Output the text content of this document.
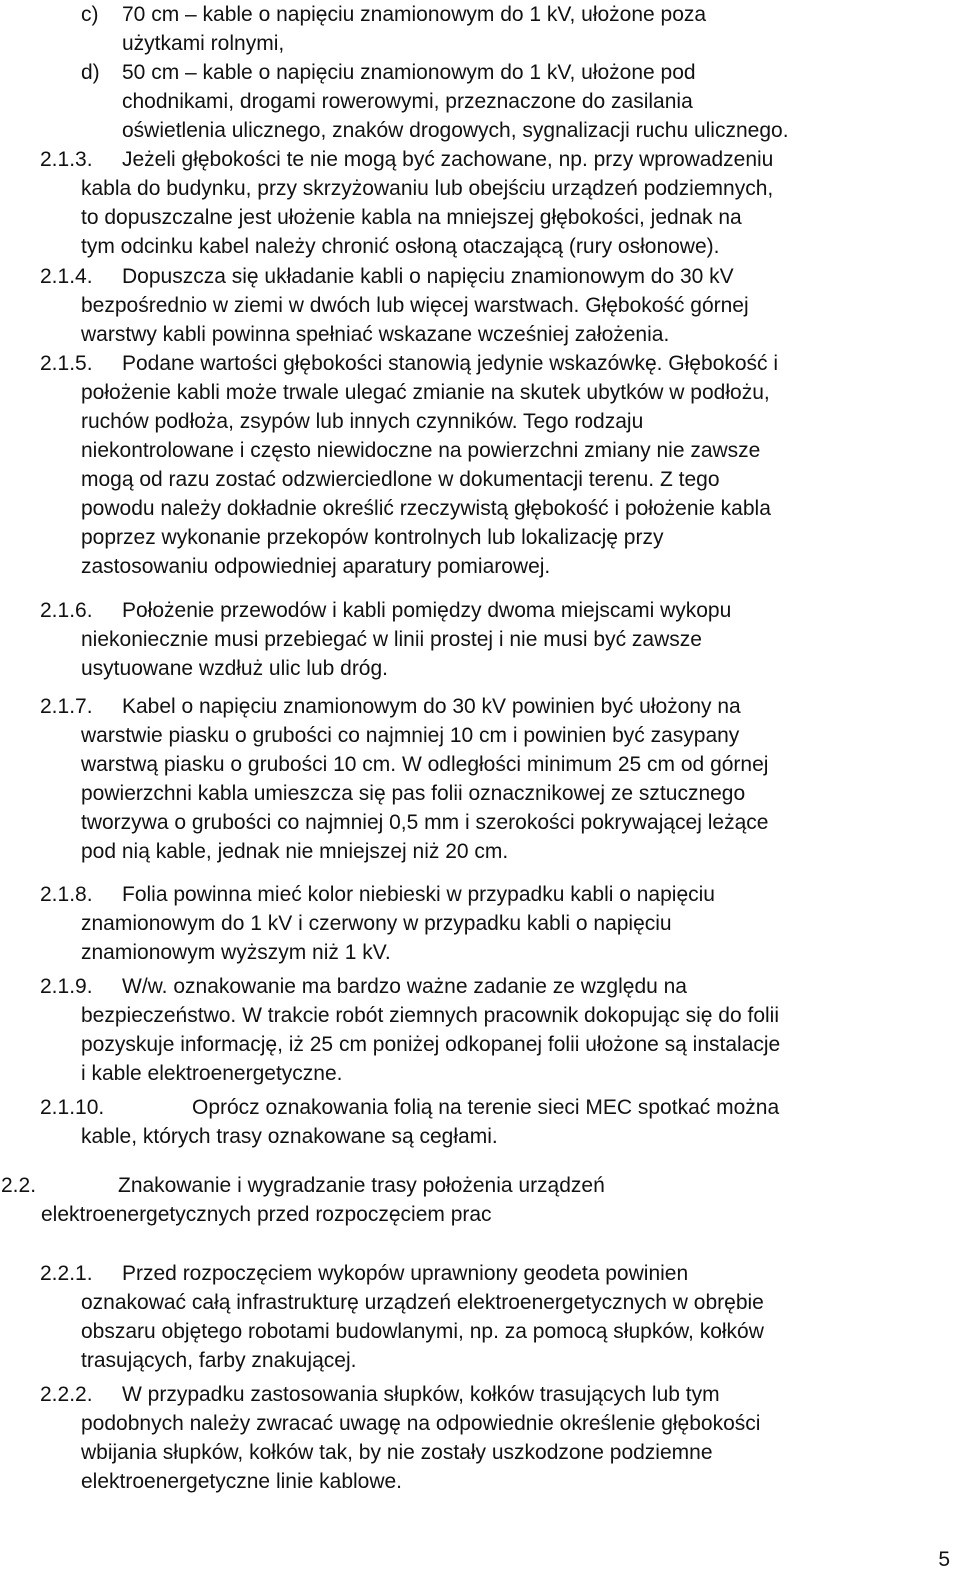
c) 70 cm – kable o napięciu znamionowym do 1 kV, ułożone poza
użytkami rolnymi,
d) 50 cm – kable o napięciu znamionowym do 1 kV, ułożone pod
chodnikami, drogami rowerowymi, przeznaczone do zasilania
oświetlenia ulicznego, znaków drogowych, sygnalizacji ruchu ulicznego.
2.1.3. Jeżeli głębokości te nie mogą być zachowane, np. przy wprowadzeniu
kabla do budynku, przy skrzyżowaniu lub obejściu urządzeń podziemnych,
to dopuszczalne jest ułożenie kabla na mniejszej głębokości, jednak na
tym odcinku kabel należy chronić osłoną otaczającą (rury osłonowe).
2.1.4. Dopuszcza się układanie kabli o napięciu znamionowym do 30 kV
bezpośrednio w ziemi w dwóch lub więcej warstwach. Głębokość górnej
warstwy kabli powinna spełniać wskazane wcześniej założenia.
2.1.5. Podane wartości głębokości stanowią jedynie wskazówkę. Głębokość i
położenie kabli może trwale ulegać zmianie na skutek ubytków w podłożu,
ruchów podłoża, zsypów lub innych czynników. Tego rodzaju
niekontrolowane i często niewidoczne na powierzchni zmiany nie zawsze
mogą od razu zostać odzwierciedlone w dokumentacji terenu. Z tego
powodu należy dokładnie określić rzeczywistą głębokość i położenie kabla
poprzez wykonanie przekopów kontrolnych lub lokalizację przy
zastosowaniu odpowiedniej aparatury pomiarowej.
2.1.6. Położenie przewodów i kabli pomiędzy dwoma miejscami wykopu
niekoniecznie musi przebiegać w linii prostej i nie musi być zawsze
usytuowane wzdłuż ulic lub dróg.
2.1.7. Kabel o napięciu znamionowym do 30 kV powinien być ułożony na
warstwie piasku o grubości co najmniej 10 cm i powinien być zasypany
warstwą piasku o grubości 10 cm. W odległości minimum 25 cm od górnej
powierzchni kabla umieszcza się pas folii oznacznikowej ze sztucznego
tworzywa o grubości co najmniej 0,5 mm i szerokości pokrywającej leżące
pod nią kable, jednak nie mniejszej niż 20 cm.
2.1.8. Folia powinna mieć kolor niebieski w przypadku kabli o napięciu
znamionowym do 1 kV i czerwony w przypadku kabli o napięciu
znamionowym wyższym niż 1 kV.
2.1.9. W/w. oznakowanie ma bardzo ważne zadanie ze względu na
bezpieczeństwo. W trakcie robót ziemnych pracownik dokopując się do folii
pozyskuje informację, iż 25 cm poniżej odkopanej folii ułożone są instalacje
i kable elektroenergetyczne.
2.1.10.	Oprócz oznakowania folią na terenie sieci MEC spotkać można
kable, których trasy oznakowane są cegłami.
2.2.	Znakowanie i wygradzanie trasy położenia urządzeń
elektroenergetycznych przed rozpoczęciem prac
2.2.1. Przed rozpoczęciem wykopów uprawniony geodeta powinien
oznakować całą infrastrukturę urządzeń elektroenergetycznych w obrębie
obszaru objętego robotami budowlanymi, np. za pomocą słupków, kołków
trasujących, farby znakującej.
2.2.2. W przypadku zastosowania słupków, kołków trasujących lub tym
podobnych należy zwracać uwagę na odpowiednie określenie głębokości
wbijania słupków, kołków tak, by nie zostały uszkodzone podziemne
elektroenergetyczne linie kablowe.
5
